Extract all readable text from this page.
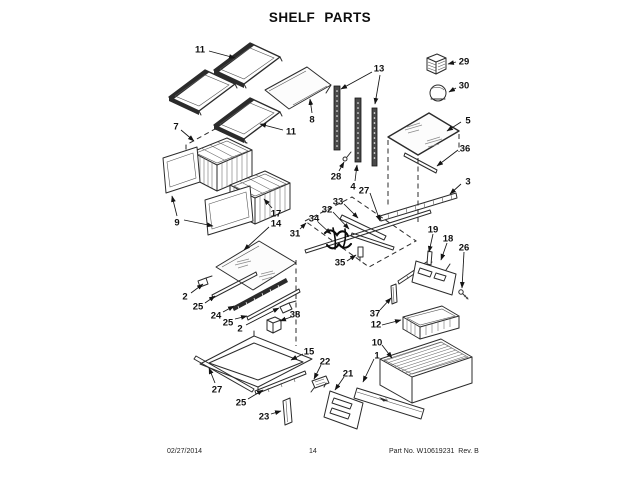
SHELF PARTS
11
7	11
8
13
29
30
5
36
3
28
4 27
33
32
34
31
35
17
14
9
19
18
26
2
25
24
25
2
38	37
12
10
1
15
22
21
27
25
23
02/27/2014	14	Part No. W10619231  Rev. B
